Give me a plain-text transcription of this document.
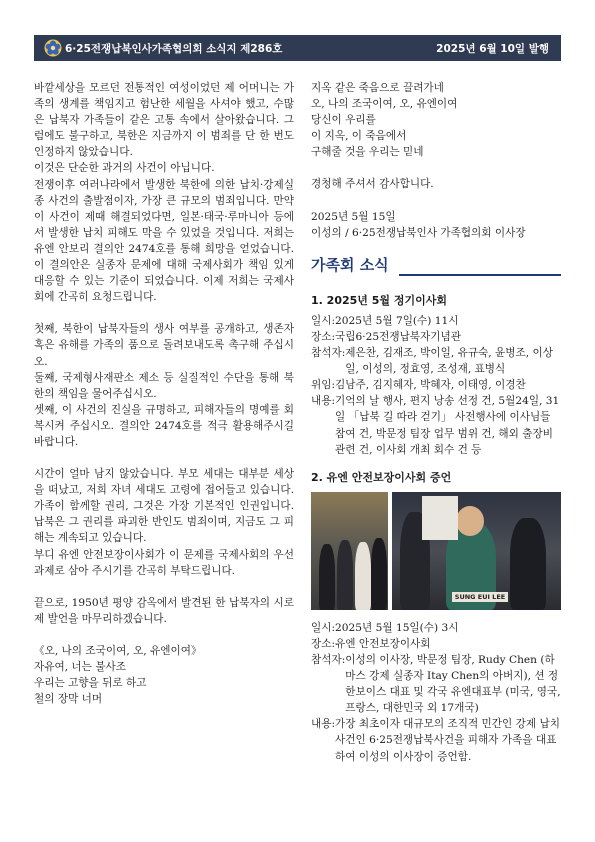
6·25전쟁납북인사가족협의회 소식지 제286호	2025년 6월 10일 발행

바깥세상을 모르던 전통적인 여성이었던 제 어머니는 가족의 생계를 책임지고 험난한 세월을 사셔야 했고, 수많은 납북자 가족들이 같은 고통 속에서 살아왔습니다. 그럼에도 불구하고, 북한은 지금까지 이 범죄를 단 한 번도 인정하지 않았습니다.

이것은 단순한 과거의 사건이 아닙니다.

전쟁이후 여러나라에서 발생한 북한에 의한 납치·강제실종 사건의 출발점이자, 가장 큰 규모의 범죄입니다. 만약 이 사건이 제때 해결되었다면, 일본·태국·루마니아 등에서 발생한 납치 피해도 막을 수 있었을 것입니다. 저희는 유엔 안보리 결의안 2474호를 통해 희망을 얻었습니다. 이 결의안은 실종자 문제에 대해 국제사회가 책임 있게 대응할 수 있는 기준이 되었습니다. 이제 저희는 국제사회에 간곡히 요청드립니다.

첫째, 북한이 납북자들의 생사 여부를 공개하고, 생존자 혹은 유해를 가족의 품으로 돌려보내도록 촉구해 주십시오.

둘째, 국제형사재판소 제소 등 실질적인 수단을 통해 북한의 책임을 물어주십시오.

셋째, 이 사건의 진실을 규명하고, 피해자들의 명예를 회복시켜 주십시오. 결의안 2474호를 적극 활용해주시길 바랍니다.

시간이 얼마 남지 않았습니다. 부모 세대는 대부분 세상을 떠났고, 저희 자녀 세대도 고령에 접어들고 있습니다. 가족이 함께할 권리, 그것은 가장 기본적인 인권입니다. 납북은 그 권리를 파괴한 반인도 범죄이며, 지금도 그 피해는 계속되고 있습니다.

부디 유엔 안전보장이사회가 이 문제를 국제사회의 우선 과제로 삼아 주시기를 간곡히 부탁드립니다.

끝으로, 1950년 평양 감옥에서 발견된 한 납북자의 시로 제 발언을 마무리하겠습니다.

《오, 나의 조국이여, 오, 유엔이여》

자유여, 너는 불사조

우리는 고향을 뒤로 하고

철의 장막 너머

지옥 같은 죽음으로 끌려가네

오, 나의 조국이여, 오, 유엔이여

당신이 우리를

이 지옥, 이 죽음에서

구해줄 것을 우리는 믿네

경청해 주셔서 감사합니다.

2025년 5월 15일

이성의 / 6·25전쟁납북인사 가족협의회 이사장

가족회 소식
1. 2025년 5월 정기이사회
일시: 2025년 5월 7일(수) 11시
장소: 국립6·25전쟁납북자기념관
참석자: 제은찬, 김재조, 박이일, 유규숙, 윤병조, 이상일, 이성의, 정효영, 조성재, 표병식
위임: 김남주, 김지혜자, 박혜자, 이태영, 이경찬
내용: 기억의 날 행사, 편지 낭송 선정 건, 5월24일, 31일 「납북 길 따라 걷기」 사전행사에 이사님들 참여 건, 박문정 팀장 업무 범위 건, 해외 출장비 관련 건, 이사회 개최 회수 건 등
2. 유엔 안전보장이사회 증언
SUNG EUI LEE
일시: 2025년 5월 15일(수) 3시
장소: 유엔 안전보장이사회
참석자: 이성의 이사장, 박문정 팀장, Rudy Chen (하마스 강제 실종자 Itay Chen의 아버지), 션 정 한보이스 대표 및 각국 유엔대표부 (미국, 영국, 프랑스, 대한민국 외 17개국)
내용: 가장 최초이자 대규모의 조직적 민간인 강제 납치 사건인 6·25전쟁납북사건을 피해자 가족을 대표하여 이성의 이사장이 증언함.
